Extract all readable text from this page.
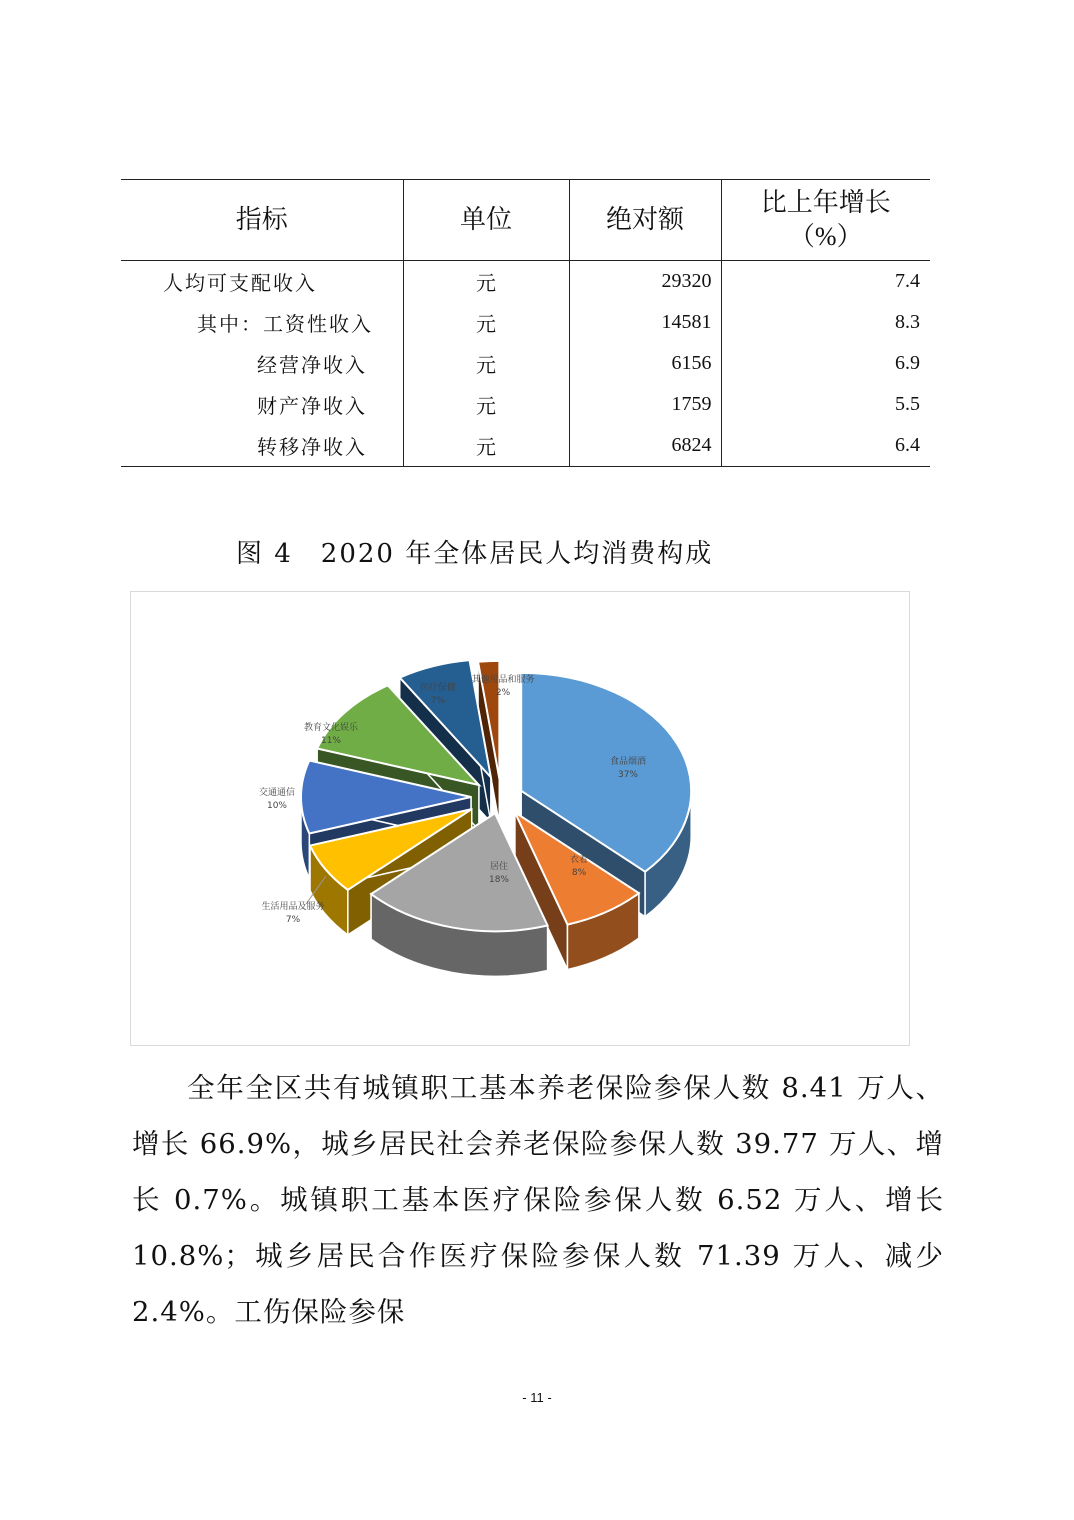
指标	单位	绝对额	比上年增长
（%）
人均可支配收入	元	29320	7.4
其中：工资性收入	元	14581	8.3
经营净收入	元	6156	6.9
财产净收入	元	1759	5.5
转移净收入	元	6824	6.4

图 4　2020 年全体居民人均消费构成

食品烟酒
37%
衣着
8%
居住
18%
生活用品及服务
7%
交通通信
10%
教育文化娱乐
11%
医疗保健
7%
其他用品和服务
2%

全年全区共有城镇职工基本养老保险参保人数 8.41 万人、增长 66.9%，城乡居民社会养老保险参保人数 39.77 万人、增长 0.7%。城镇职工基本医疗保险参保人数 6.52 万人、增长 10.8%；城乡居民合作医疗保险参保人数 71.39 万人、减少 2.4%。工伤保险参保

- 11 -
